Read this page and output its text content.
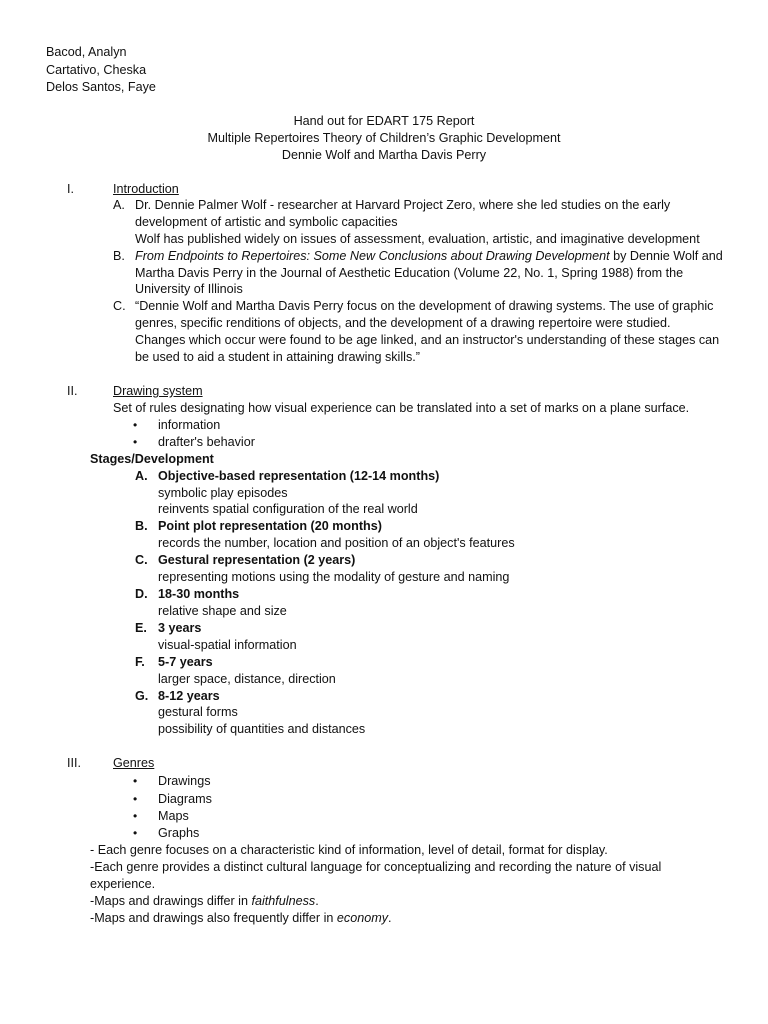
Bacod, Analyn
Cartativo, Cheska
Delos Santos, Faye
Hand out for EDART 175 Report
Multiple Repertoires Theory of Children’s Graphic Development
Dennie Wolf and Martha Davis Perry
I.	Introduction
A. Dr. Dennie Palmer Wolf - researcher at Harvard Project Zero, where she led studies on the early
development of artistic and symbolic capacities
Wolf has published widely on issues of assessment, evaluation, artistic, and imaginative development
B. From Endpoints to Repertoires: Some New Conclusions about Drawing Development by Dennie Wolf and
Martha Davis Perry in the Journal of Aesthetic Education (Volume 22, No. 1, Spring 1988) from the
University of Illinois
C. “Dennie Wolf and Martha Davis Perry focus on the development of drawing systems. The use of graphic
genres, specific renditions of objects, and the development of a drawing repertoire were studied.
Changes which occur were found to be age linked, and an instructor's understanding of these stages can
be used to aid a student in attaining drawing skills.”
II.	Drawing system
Set of rules designating how visual experience can be translated into a set of marks on a plane surface.
• information
• drafter's behavior
Stages/Development
A. Objective-based representation (12-14 months)
symbolic play episodes
reinvents spatial configuration of the real world
B. Point plot representation (20 months)
records the number, location and position of an object's features
C. Gestural representation (2 years)
representing motions using the modality of gesture and naming
D. 18-30 months
relative shape and size
E. 3 years
visual-spatial information
F. 5-7 years
larger space, distance, direction
G. 8-12 years
gestural forms
possibility of quantities and distances
III.	Genres
• Drawings
• Diagrams
• Maps
• Graphs
- Each genre focuses on a characteristic kind of information, level of detail, format for display.
-Each genre provides a distinct cultural language for conceptualizing and recording the nature of visual
experience.
-Maps and drawings differ in faithfulness.
-Maps and drawings also frequently differ in economy.
